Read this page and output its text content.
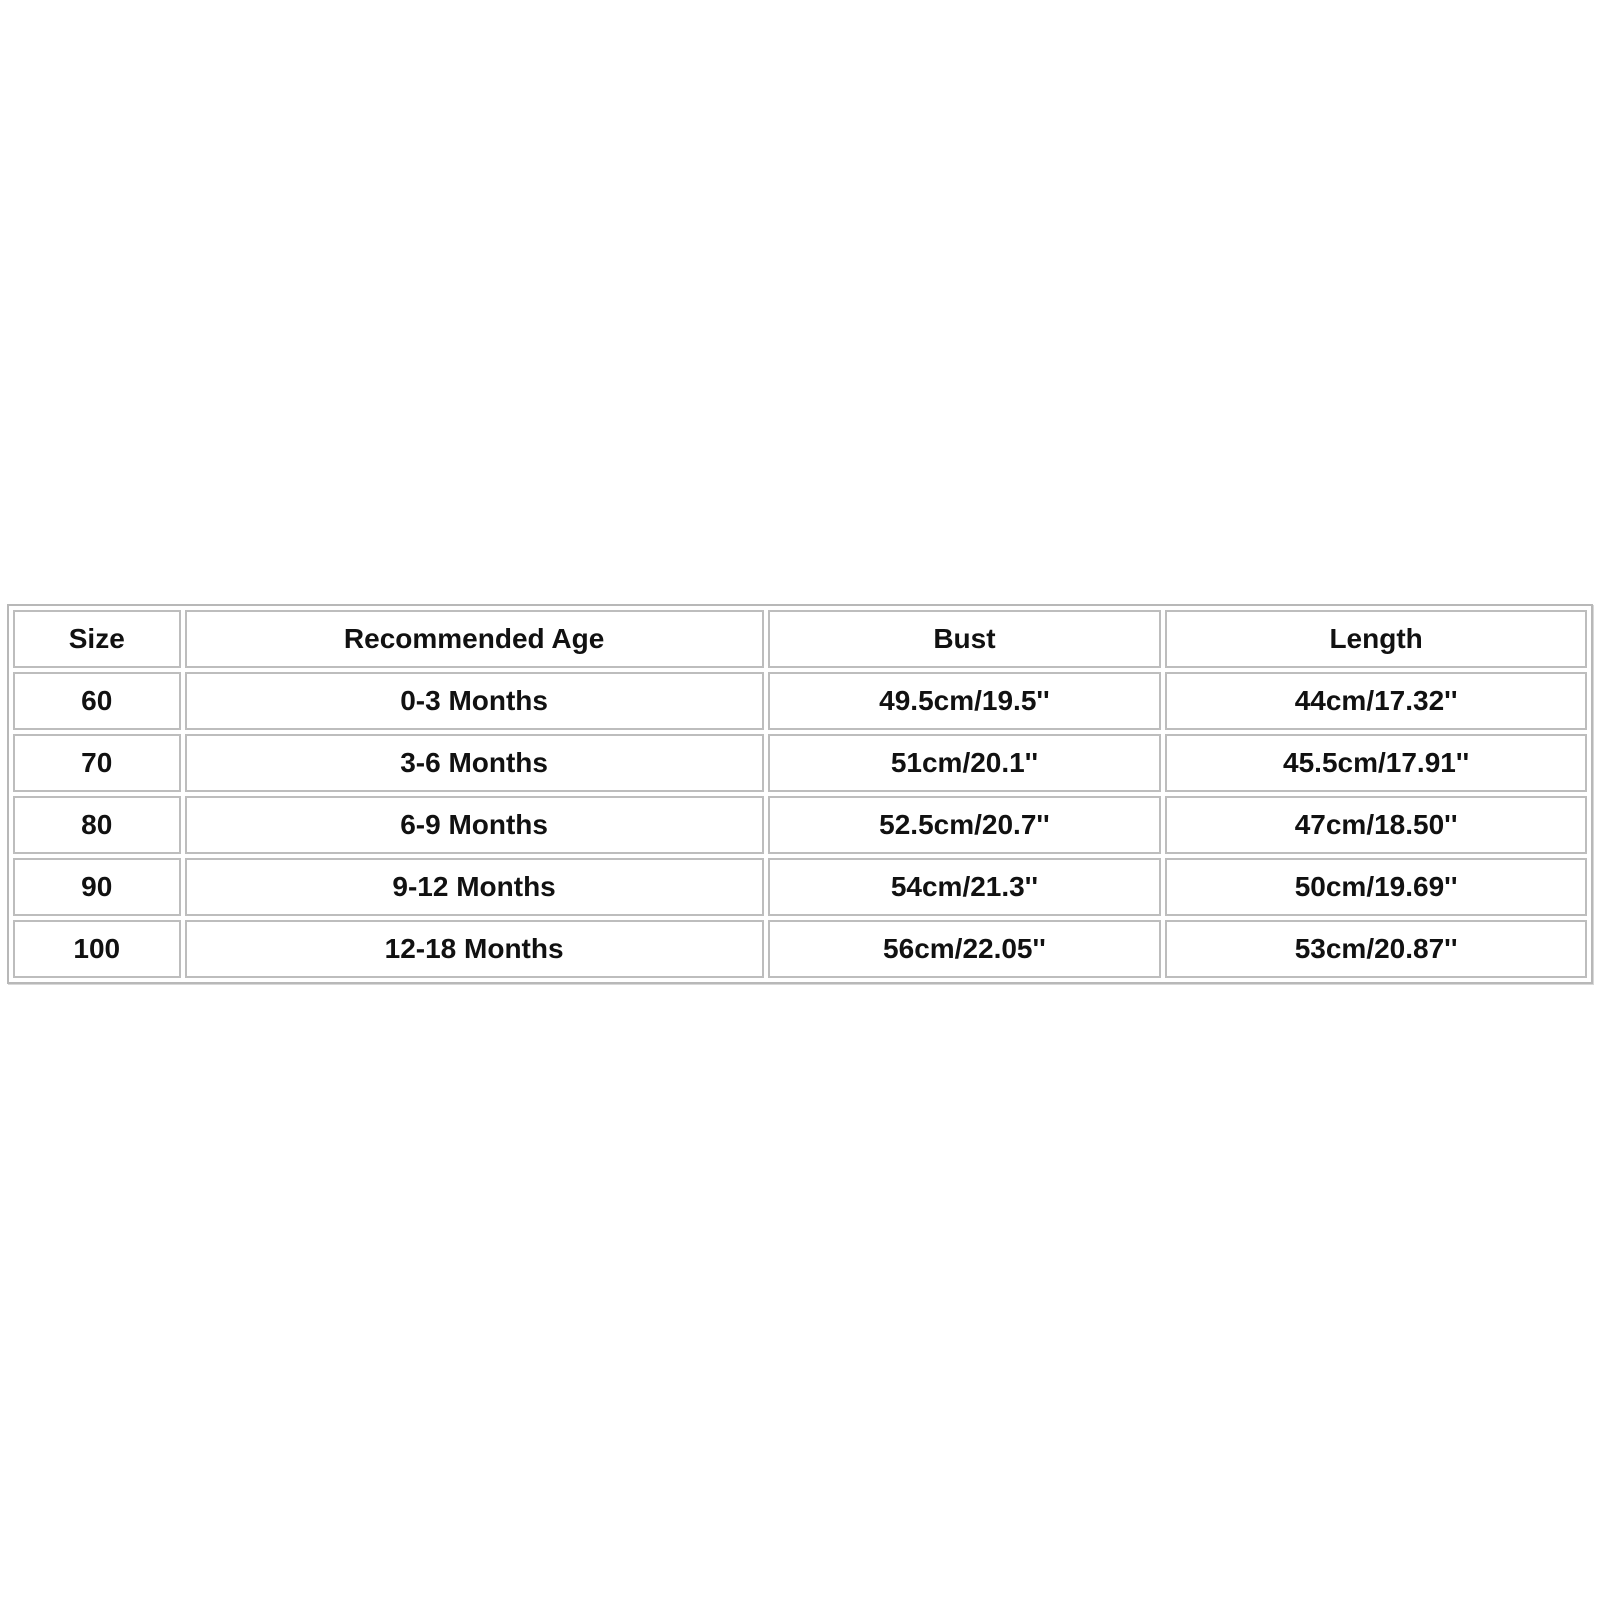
Size	Recommended Age	Bust	Length
60	0-3 Months	49.5cm/19.5''	44cm/17.32''
70	3-6 Months	51cm/20.1''	45.5cm/17.91''
80	6-9 Months	52.5cm/20.7''	47cm/18.50''
90	9-12 Months	54cm/21.3''	50cm/19.69''
100	12-18 Months	56cm/22.05''	53cm/20.87''
